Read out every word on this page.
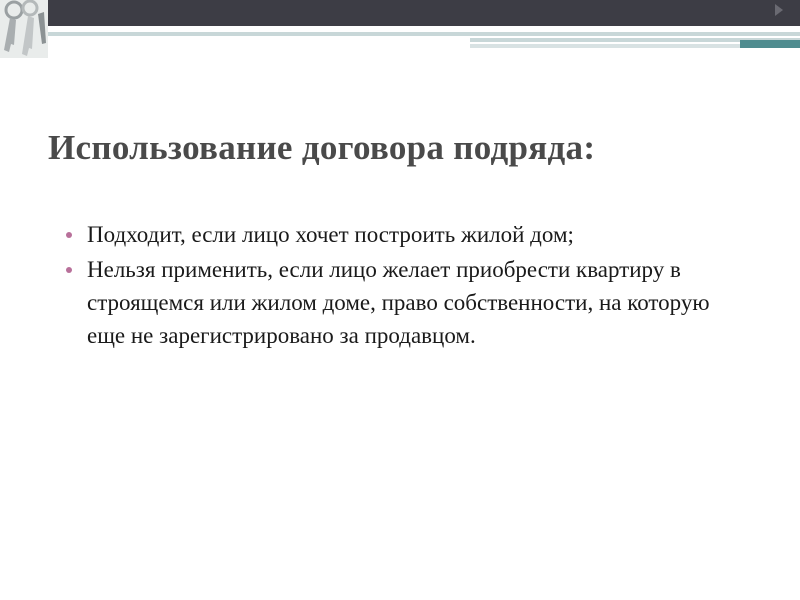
Использование договора подряда:
Подходит, если лицо хочет построить жилой дом;
Нельзя применить, если лицо желает приобрести квартиру в строящемся или жилом доме, право собственности, на которую еще не зарегистрировано за продавцом.
